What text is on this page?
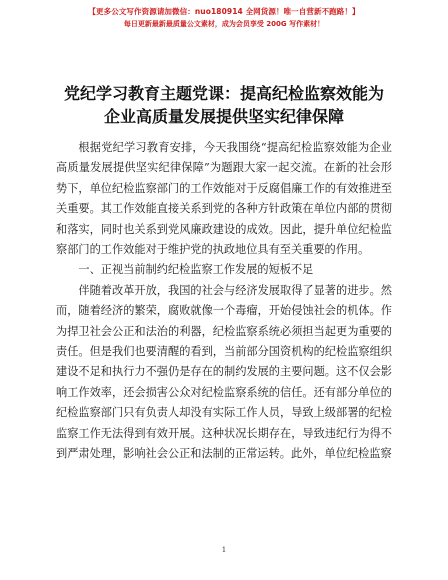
【更多公文写作资源请加微信：nuo180914 全网货源！唯一自营新不跑路！】
每日更新最新最质量公文素材，成为会员享受 200G 写作素材！
党纪学习教育主题党课：提高纪检监察效能为
企业高质量发展提供坚实纪律保障

根据党纪学习教育安排，今天我围绕“提高纪检监察效能为企业高质量发展提供坚实纪律保障”为题跟大家一起交流。在新的社会形势下，单位纪检监察部门的工作效能对于反腐倡廉工作的有效推进至关重要。其工作效能直接关系到党的各种方针政策在单位内部的贯彻和落实，同时也关系到党风廉政建设的成效。因此，提升单位纪检监察部门的工作效能对于维护党的执政地位具有至关重要的作用。

一、正视当前制约纪检监察工作发展的短板不足

伴随着改革开放，我国的社会与经济发展取得了显著的进步。然而，随着经济的繁荣，腐败就像一个毒瘤，开始侵蚀社会的机体。作为捍卫社会公正和法治的利器，纪检监察系统必须担当起更为重要的责任。但是我们也要清醒的看到，当前部分国资机构的纪检监察组织建设不足和执行力不强仍是存在的制约发展的主要问题。这不仅会影响工作效率，还会损害公众对纪检监察系统的信任。还有部分单位的纪检监察部门只有负责人却没有实际工作人员，导致上级部署的纪检监察工作无法得到有效开展。这种状况长期存在，导致违纪行为得不到严肃处理，影响社会公正和法制的正常运转。此外，单位纪检监察

1
